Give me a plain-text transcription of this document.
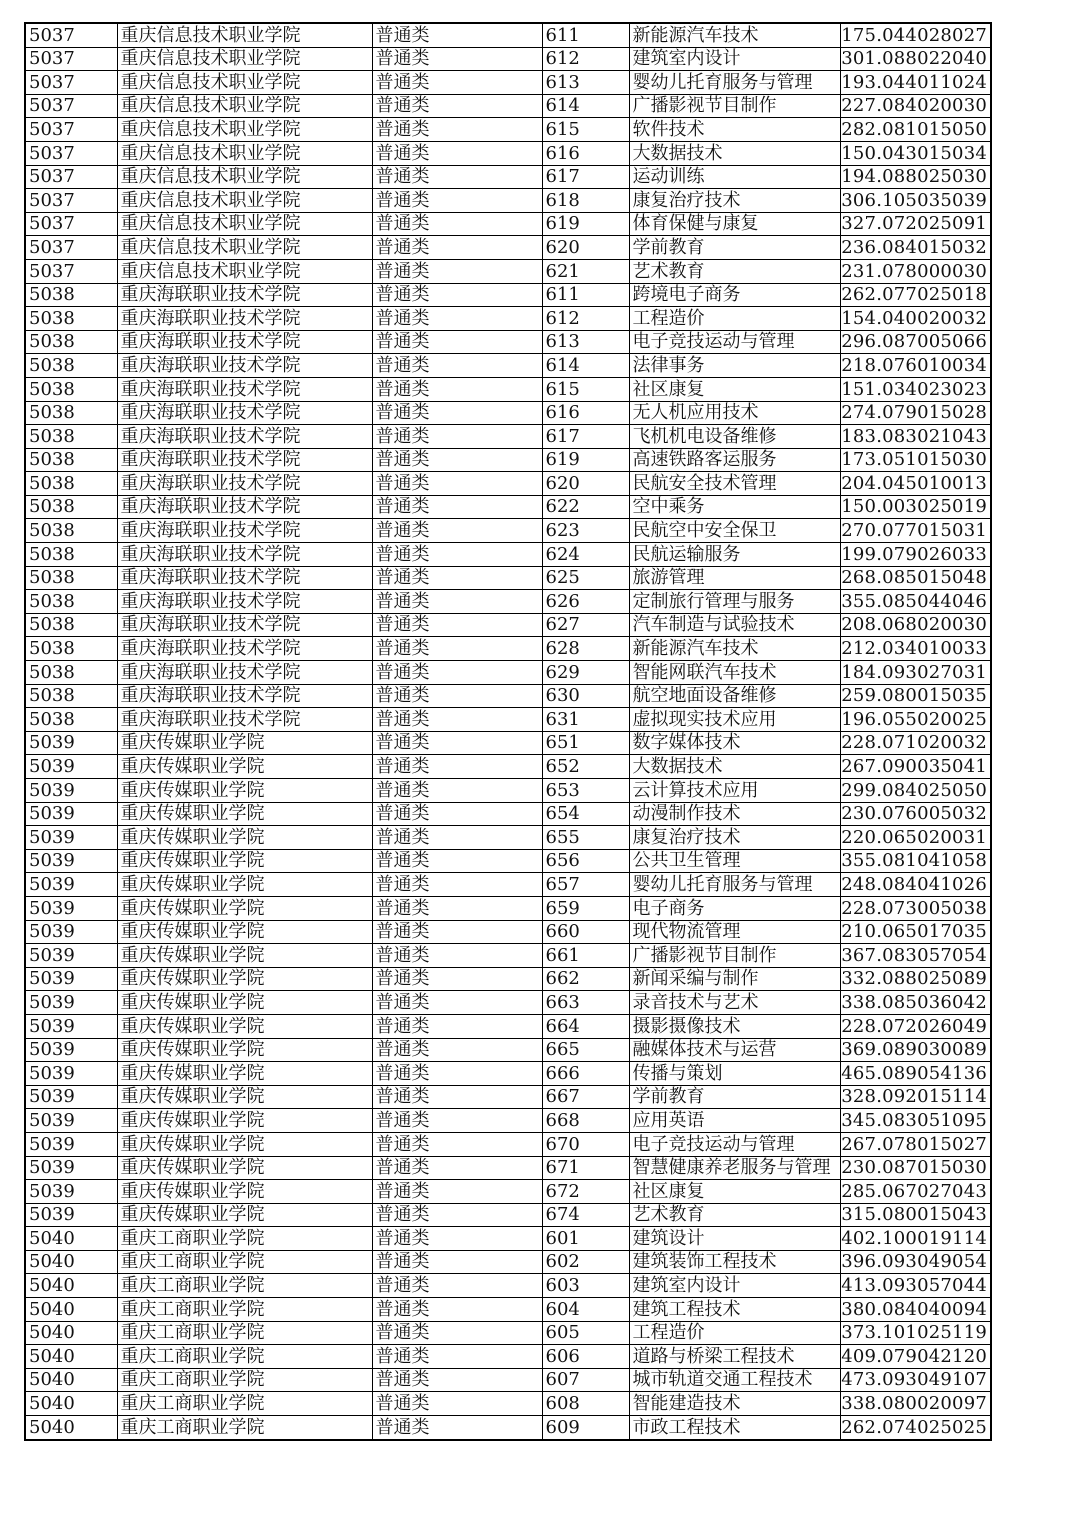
5037	重庆信息技术职业学院	普通类	611	新能源汽车技术	175.044028027
5037	重庆信息技术职业学院	普通类	612	建筑室内设计	301.088022040
5037	重庆信息技术职业学院	普通类	613	婴幼儿托育服务与管理	193.044011024
5037	重庆信息技术职业学院	普通类	614	广播影视节目制作	227.084020030
5037	重庆信息技术职业学院	普通类	615	软件技术	282.081015050
5037	重庆信息技术职业学院	普通类	616	大数据技术	150.043015034
5037	重庆信息技术职业学院	普通类	617	运动训练	194.088025030
5037	重庆信息技术职业学院	普通类	618	康复治疗技术	306.105035039
5037	重庆信息技术职业学院	普通类	619	体育保健与康复	327.072025091
5037	重庆信息技术职业学院	普通类	620	学前教育	236.084015032
5037	重庆信息技术职业学院	普通类	621	艺术教育	231.078000030
5038	重庆海联职业技术学院	普通类	611	跨境电子商务	262.077025018
5038	重庆海联职业技术学院	普通类	612	工程造价	154.040020032
5038	重庆海联职业技术学院	普通类	613	电子竞技运动与管理	296.087005066
5038	重庆海联职业技术学院	普通类	614	法律事务	218.076010034
5038	重庆海联职业技术学院	普通类	615	社区康复	151.034023023
5038	重庆海联职业技术学院	普通类	616	无人机应用技术	274.079015028
5038	重庆海联职业技术学院	普通类	617	飞机机电设备维修	183.083021043
5038	重庆海联职业技术学院	普通类	619	高速铁路客运服务	173.051015030
5038	重庆海联职业技术学院	普通类	620	民航安全技术管理	204.045010013
5038	重庆海联职业技术学院	普通类	622	空中乘务	150.003025019
5038	重庆海联职业技术学院	普通类	623	民航空中安全保卫	270.077015031
5038	重庆海联职业技术学院	普通类	624	民航运输服务	199.079026033
5038	重庆海联职业技术学院	普通类	625	旅游管理	268.085015048
5038	重庆海联职业技术学院	普通类	626	定制旅行管理与服务	355.085044046
5038	重庆海联职业技术学院	普通类	627	汽车制造与试验技术	208.068020030
5038	重庆海联职业技术学院	普通类	628	新能源汽车技术	212.034010033
5038	重庆海联职业技术学院	普通类	629	智能网联汽车技术	184.093027031
5038	重庆海联职业技术学院	普通类	630	航空地面设备维修	259.080015035
5038	重庆海联职业技术学院	普通类	631	虚拟现实技术应用	196.055020025
5039	重庆传媒职业学院	普通类	651	数字媒体技术	228.071020032
5039	重庆传媒职业学院	普通类	652	大数据技术	267.090035041
5039	重庆传媒职业学院	普通类	653	云计算技术应用	299.084025050
5039	重庆传媒职业学院	普通类	654	动漫制作技术	230.076005032
5039	重庆传媒职业学院	普通类	655	康复治疗技术	220.065020031
5039	重庆传媒职业学院	普通类	656	公共卫生管理	355.081041058
5039	重庆传媒职业学院	普通类	657	婴幼儿托育服务与管理	248.084041026
5039	重庆传媒职业学院	普通类	659	电子商务	228.073005038
5039	重庆传媒职业学院	普通类	660	现代物流管理	210.065017035
5039	重庆传媒职业学院	普通类	661	广播影视节目制作	367.083057054
5039	重庆传媒职业学院	普通类	662	新闻采编与制作	332.088025089
5039	重庆传媒职业学院	普通类	663	录音技术与艺术	338.085036042
5039	重庆传媒职业学院	普通类	664	摄影摄像技术	228.072026049
5039	重庆传媒职业学院	普通类	665	融媒体技术与运营	369.089030089
5039	重庆传媒职业学院	普通类	666	传播与策划	465.089054136
5039	重庆传媒职业学院	普通类	667	学前教育	328.092015114
5039	重庆传媒职业学院	普通类	668	应用英语	345.083051095
5039	重庆传媒职业学院	普通类	670	电子竞技运动与管理	267.078015027
5039	重庆传媒职业学院	普通类	671	智慧健康养老服务与管理	230.087015030
5039	重庆传媒职业学院	普通类	672	社区康复	285.067027043
5039	重庆传媒职业学院	普通类	674	艺术教育	315.080015043
5040	重庆工商职业学院	普通类	601	建筑设计	402.100019114
5040	重庆工商职业学院	普通类	602	建筑装饰工程技术	396.093049054
5040	重庆工商职业学院	普通类	603	建筑室内设计	413.093057044
5040	重庆工商职业学院	普通类	604	建筑工程技术	380.084040094
5040	重庆工商职业学院	普通类	605	工程造价	373.101025119
5040	重庆工商职业学院	普通类	606	道路与桥梁工程技术	409.079042120
5040	重庆工商职业学院	普通类	607	城市轨道交通工程技术	473.093049107
5040	重庆工商职业学院	普通类	608	智能建造技术	338.080020097
5040	重庆工商职业学院	普通类	609	市政工程技术	262.074025025
